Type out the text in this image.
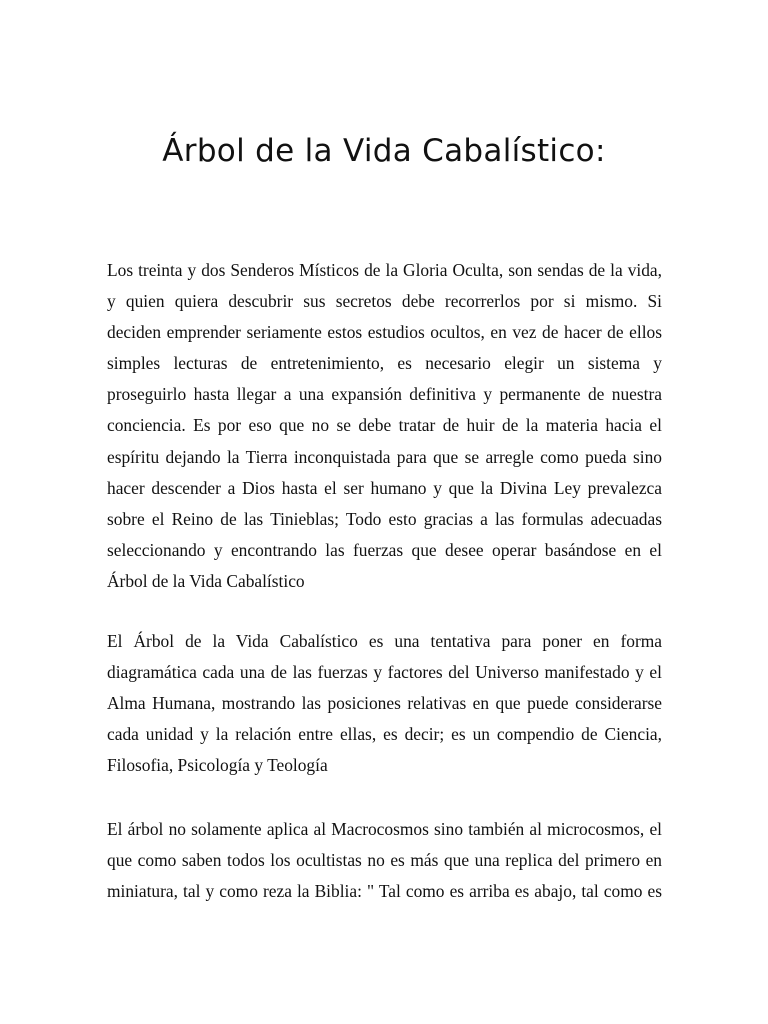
Árbol de la Vida Cabalístico:

Los treinta y dos Senderos Místicos de la Gloria Oculta, son sendas de la vida,
y quien quiera descubrir sus secretos debe recorrerlos por si mismo. Si
deciden emprender seriamente estos estudios ocultos, en vez de hacer de ellos
simples lecturas de entretenimiento, es necesario elegir un sistema y
proseguirlo hasta llegar a una expansión definitiva y permanente de nuestra
conciencia. Es por eso que no se debe tratar de huir de la materia hacia el
espíritu dejando la Tierra inconquistada para que se arregle como pueda sino
hacer descender a Dios hasta el ser humano y que la Divina Ley prevalezca
sobre el Reino de las Tinieblas; Todo esto gracias a las formulas adecuadas
seleccionando y encontrando las fuerzas que desee operar basándose en el
Árbol de la Vida Cabalístico

El Árbol de la Vida Cabalístico es una tentativa para poner en forma
diagramática cada una de las fuerzas y factores del Universo manifestado y el
Alma Humana, mostrando las posiciones relativas en que puede considerarse
cada unidad y la relación entre ellas, es decir; es un compendio de Ciencia,
Filosofia, Psicología y Teología

El árbol no solamente aplica al Macrocosmos sino también al microcosmos, el
que como saben todos los ocultistas no es más que una replica del primero en
miniatura, tal y como reza la Biblia: " Tal como es arriba es abajo, tal como es
